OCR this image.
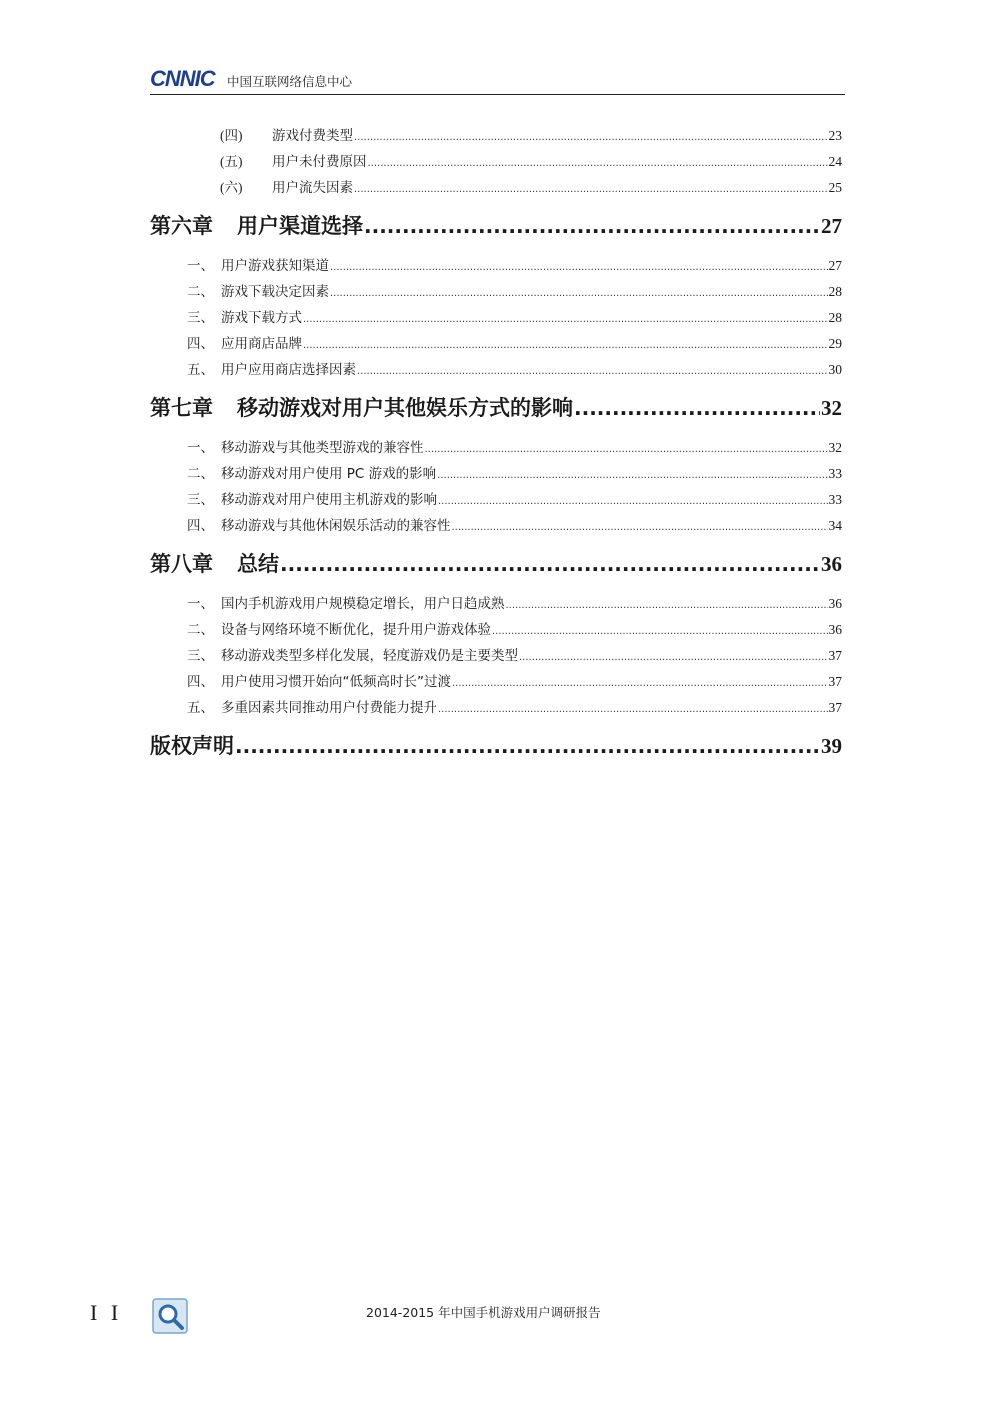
CNNIC 中国互联网络信息中心
(四)	游戏付费类型 .....	23
(五)	用户未付费原因 .....	24
(六)	用户流失因素 .....	25
第六章 用户渠道选择 .....	27
一、 用户游戏获知渠道 .....	27
二、 游戏下载决定因素 .....	28
三、 游戏下载方式 .....	28
四、 应用商店品牌 .....	29
五、 用户应用商店选择因素 .....	30
第七章 移动游戏对用户其他娱乐方式的影响 .....	32
一、 移动游戏与其他类型游戏的兼容性 .....	32
二、 移动游戏对用户使用 PC 游戏的影响 .....	33
三、 移动游戏对用户使用主机游戏的影响 .....	33
四、 移动游戏与其他休闲娱乐活动的兼容性 .....	34
第八章 总结 .....	36
一、 国内手机游戏用户规模稳定增长，用户日趋成熟 .....	36
二、 设备与网络环境不断优化，提升用户游戏体验 .....	36
三、 移动游戏类型多样化发展，轻度游戏仍是主要类型 .....	37
四、 用户使用习惯开始向“低频高时长”过渡 .....	37
五、 多重因素共同推动用户付费能力提升 .....	37
版权声明 .....	39
I I	2014-2015 年中国手机游戏用户调研报告
